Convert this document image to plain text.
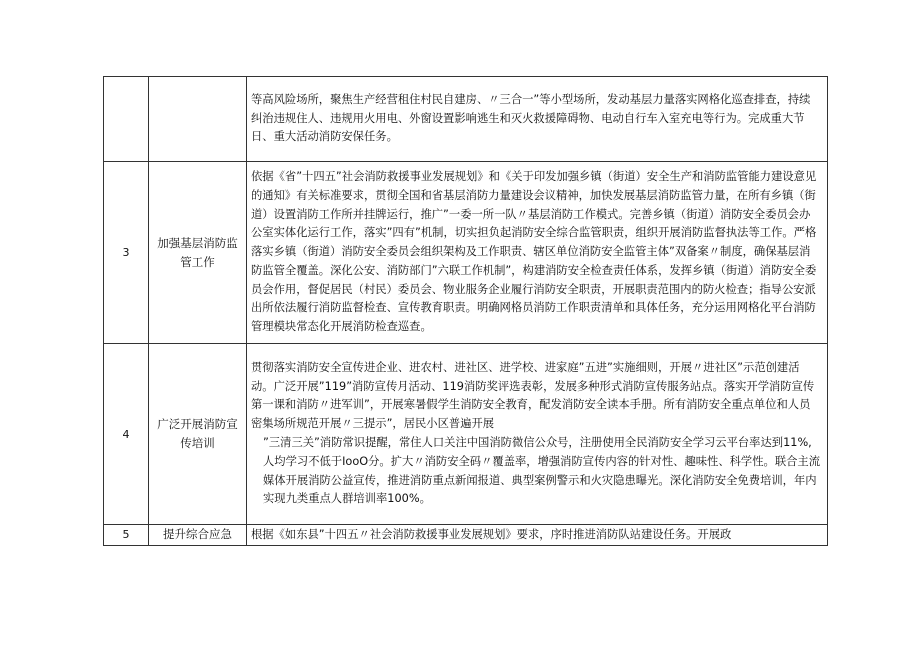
		等高风险场所，聚焦生产经营租住村民自建房、〃三合一”等小型场所，发动基层力量落实网格化巡查排查，持续纠治违规住人、违规用火用电、外窗设置影响逃生和灭火救援障碍物、电动自行车入室充电等行为。完成重大节日、重大活动消防安保任务。

3	加强基层消防监管工作	依据《省”十四五”社会消防救援事业发展规划》和《关于印发加强乡镇（街道）安全生产和消防监管能力建设意见的通知》有关标准要求，贯彻全国和省基层消防力量建设会议精神，加快发展基层消防监管力量，在所有乡镇（街道）设置消防工作所并挂牌运行，推广”一委一所一队〃基层消防工作模式。完善乡镇（街道）消防安全委员会办公室实体化运行工作，落实”四有”机制，切实担负起消防安全综合监管职责，组织开展消防监督执法等工作。严格落实乡镇（街道）消防安全委员会组织架构及工作职责、辖区单位消防安全监管主体”双备案〃制度，确保基层消防监管全覆盖。深化公安、消防部门”六联工作机制”，构建消防安全检查责任体系，发挥乡镇（街道）消防安全委员会作用，督促居民（村民）委员会、物业服务企业履行消防安全职责，开展职责范围内的防火检查；指导公安派出所依法履行消防监督检查、宣传教育职责。明确网格员消防工作职责清单和具体任务，充分运用网格化平台消防管理模块常态化开展消防检查巡查。

4	广泛开展消防宣传培训	贯彻落实消防安全宣传进企业、进农村、进社区、进学校、进家庭”五进”实施细则，开展〃进社区”示范创建活动。广泛开展”119”消防宣传月活动、119消防奖评选表彰，发展多种形式消防宣传服务站点。落实开学消防宣传第一课和消防〃进军训”，开展寒暑假学生消防安全教育，配发消防安全读本手册。所有消防安全重点单位和人员密集场所规范开展〃三提示”，居民小区普遍开展

”三清三关”消防常识提醒，常住人口关注中国消防微信公众号，注册使用全民消防安全学习云平台率达到11%,人均学习不低于IooO分。扩大〃消防安全码〃覆盖率，增强消防宣传内容的针对性、趣味性、科学性。联合主流媒体开展消防公益宣传，推进消防重点新闻报道、典型案例警示和火灾隐患曝光。深化消防安全免费培训，年内实现九类重点人群培训率100%。

5	提升综合应急	根据《如东县”十四五〃社会消防救援事业发展规划》要求，序时推进消防队站建设任务。开展政
